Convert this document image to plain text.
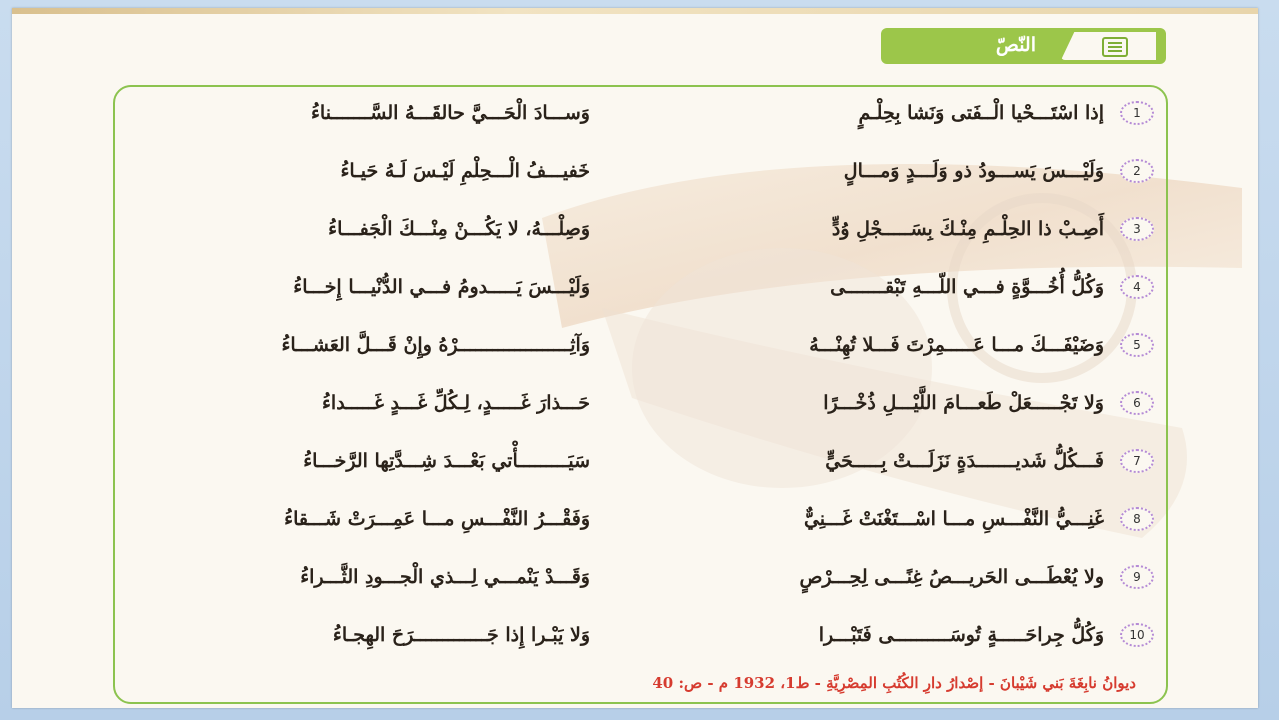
النّصّ
1
إذا اسْتَـــحْيا الْــفَتى وَنَشا بِحِلْـمٍ
وَســـادَ الْحَـــيَّ حالقَـــهُ السَّـــــــناءُ
2
وَلَيْـــسَ يَســـودُ ذو وَلَـــدٍ وَمـــالٍ
خَفيـــفُ الْـــحِلْمِ لَيْـسَ لَـهُ حَيـاءُ
3
أَصِـبْ ذا الحِلْـمِ مِنْـكَ بِسَـــــجْلِ وُدٍّ
وَصِلْـــهُ، لا يَكُـــنْ مِنْـــكَ الْجَفـــاءُ
4
وَكُلُّ أُخُـــوَّةٍ فـــي اللّـــهِ تَبْقـــــــى
وَلَيْـــسَ يَـــــدومُ فـــي الدُّنْيـــا إِخـــاءُ
5
وَضَيْفَـــكَ مـــا عَـــــمِرْتَ فَـــلا تُهِنْـــهُ
وَآثِــــــــــــــــــــرْهُ وإِنْ قَـــلَّ العَشـــاءُ
6
وَلا تَجْـــــعَلْ طَعـــامَ اللَّيْـــلِ ذُخْـــرًا
حَـــذارَ غَـــــدٍ، لِـكُلِّ غَـــدٍ غَـــــداءُ
7
فَـــكُلُّ شَديـــــــدَةٍ نَزَلَـــتْ بِـــــحَيٍّ
سَيَـــــــــأْتي بَعْـــدَ شِـــدَّتِها الرَّخـــاءُ
8
غَنِـــيُّ النَّفْـــسِ مـــا اسْـــتَغْنَتْ غَـــنِيٌّ
وَفَقْـــرُ النَّفْـــسِ مـــا عَمِـــرَتْ شَـــقاءُ
9
ولا يُعْطَـــى الحَريـــصُ غِنًـــى لِحِـــرْصٍ
وَقَـــدْ يَنْمـــي لِـــذي الْجـــودِ الثَّـــراءُ
10
وَكُلُّ جِراحَـــــةٍ تُوسَــــــــــى فَتَبْـــرا
وَلا يَبْـرا إِذا جَـــــــــــــرَحَ الهِجـاءُ
ديوانُ نابِغَةَ بَني شَيْبانَ - إصْدارُ دارِ الكُتُبِ المِصْرِيَّةِ - ط1، 1932 م - ص: 40
